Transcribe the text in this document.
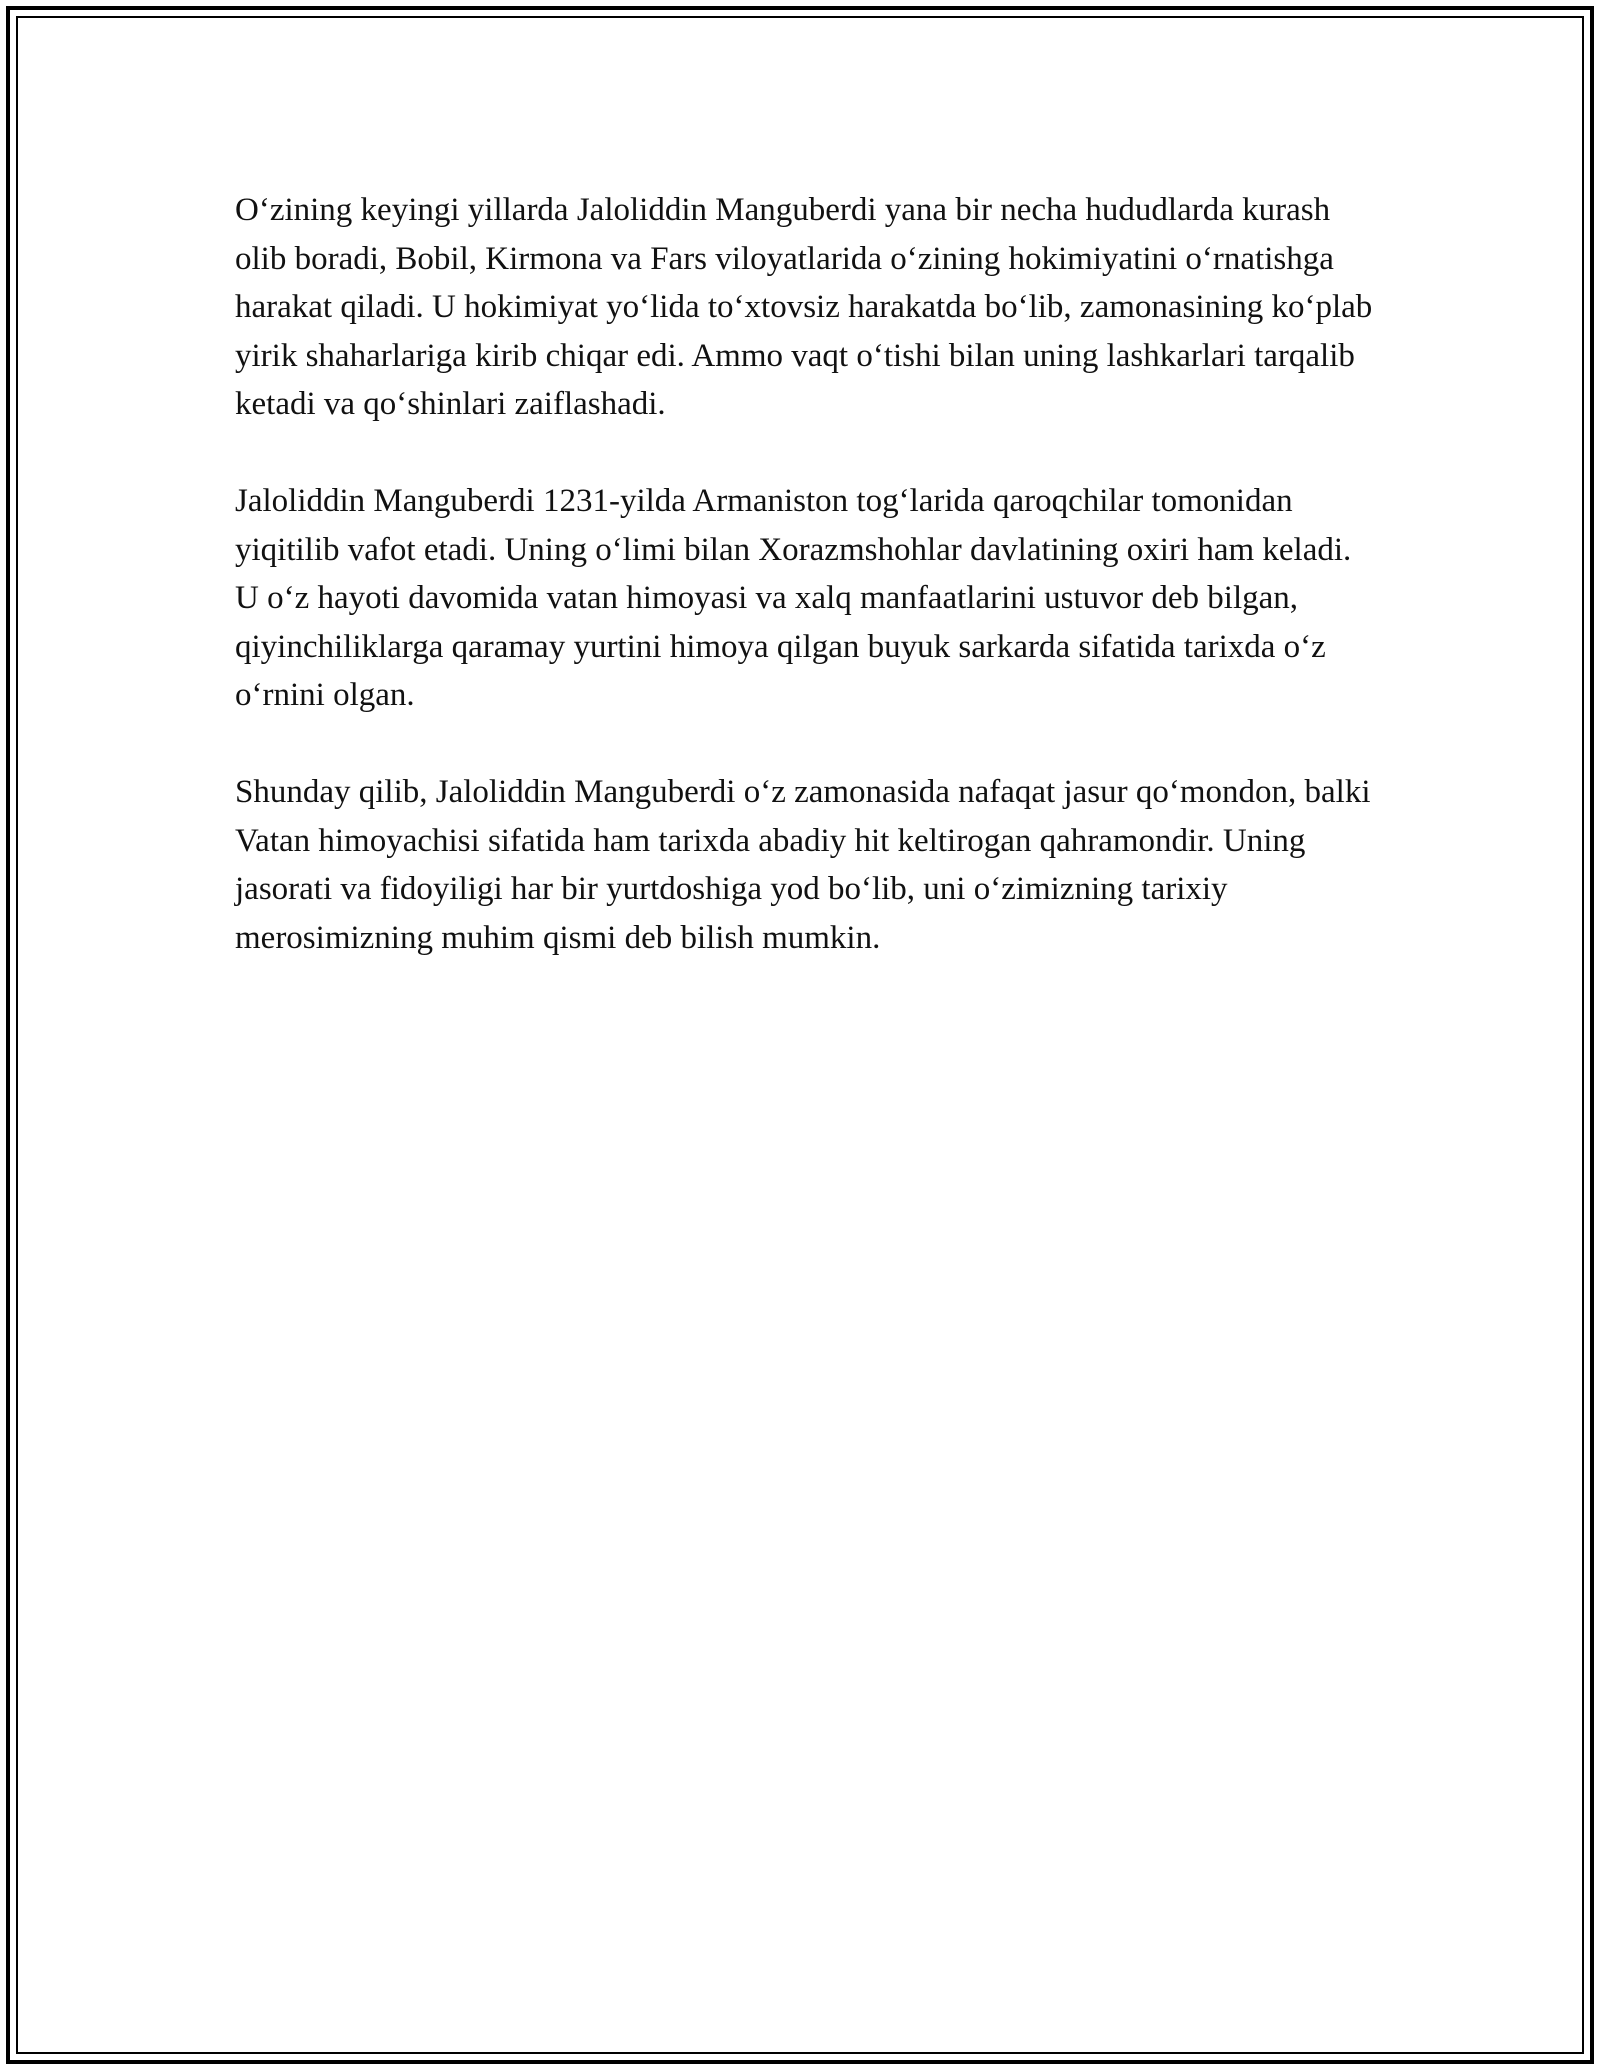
O‘zining keyingi yillarda Jaloliddin Manguberdi yana bir necha hududlarda kurash olib boradi, Bobil, Kirmona va Fars viloyatlarida o‘zining hokimiyatini o‘rnatishga harakat qiladi. U hokimiyat yo‘lida to‘xtovsiz harakatda bo‘lib, zamonasining ko‘plab yirik shaharlariga kirib chiqar edi. Ammo vaqt o‘tishi bilan uning lashkarlari tarqalib ketadi va qo‘shinlari zaiflashadi.

Jaloliddin Manguberdi 1231-yilda Armaniston tog‘larida qaroqchilar tomonidan yiqitilib vafot etadi. Uning o‘limi bilan Xorazmshohlar davlatining oxiri ham keladi. U o‘z hayoti davomida vatan himoyasi va xalq manfaatlarini ustuvor deb bilgan, qiyinchiliklarga qaramay yurtini himoya qilgan buyuk sarkarda sifatida tarixda o‘z o‘rnini olgan.

Shunday qilib, Jaloliddin Manguberdi o‘z zamonasida nafaqat jasur qo‘mondon, balki Vatan himoyachisi sifatida ham tarixda abadiy hit keltirogan qahramondir. Uning jasorati va fidoyiligi har bir yurtdoshiga yod bo‘lib, uni o‘zimizning tarixiy merosimizning muhim qismi deb bilish mumkin.
